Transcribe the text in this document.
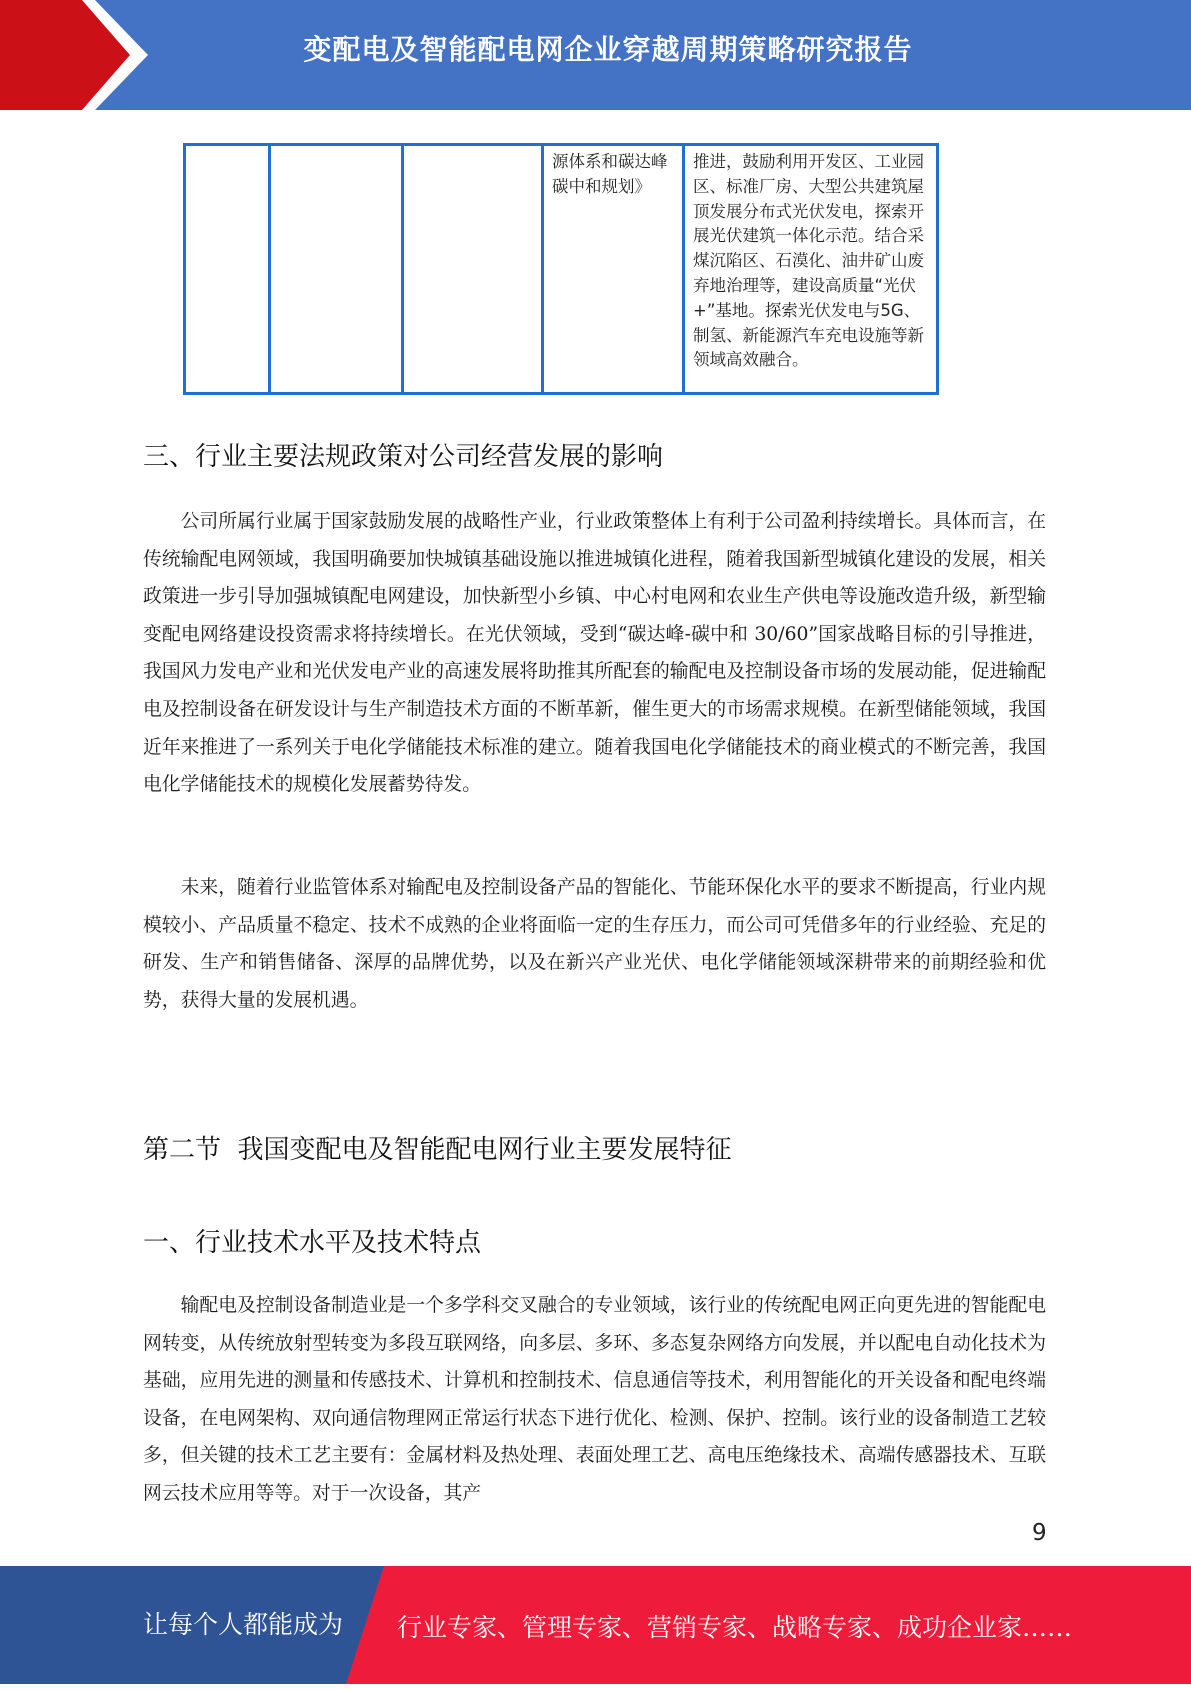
变配电及智能配电网企业穿越周期策略研究报告
			源体系和碳达峰碳中和规划》	推进，鼓励利用开发区、工业园区、标准厂房、大型公共建筑屋顶发展分布式光伏发电，探索开展光伏建筑一体化示范。结合采煤沉陷区、石漠化、油井矿山废弃地治理等，建设高质量“光伏+”基地。探索光伏发电与5G、制氢、新能源汽车充电设施等新领域高效融合。
三、行业主要法规政策对公司经营发展的影响

公司所属行业属于国家鼓励发展的战略性产业，行业政策整体上有利于公司盈利持续增长。具体而言，在传统输配电网领域，我国明确要加快城镇基础设施以推进城镇化进程，随着我国新型城镇化建设的发展，相关政策进一步引导加强城镇配电网建设，加快新型小乡镇、中心村电网和农业生产供电等设施改造升级，新型输变配电网络建设投资需求将持续增长。在光伏领域，受到“碳达峰-碳中和 30/60”国家战略目标的引导推进，我国风力发电产业和光伏发电产业的高速发展将助推其所配套的输配电及控制设备市场的发展动能，促进输配电及控制设备在研发设计与生产制造技术方面的不断革新，催生更大的市场需求规模。在新型储能领域，我国近年来推进了一系列关于电化学储能技术标准的建立。随着我国电化学储能技术的商业模式的不断完善，我国电化学储能技术的规模化发展蓄势待发。

未来，随着行业监管体系对输配电及控制设备产品的智能化、节能环保化水平的要求不断提高，行业内规模较小、产品质量不稳定、技术不成熟的企业将面临一定的生存压力，而公司可凭借多年的行业经验、充足的研发、生产和销售储备、深厚的品牌优势，以及在新兴产业光伏、电化学储能领域深耕带来的前期经验和优势，获得大量的发展机遇。

第二节  我国变配电及智能配电网行业主要发展特征
一、行业技术水平及技术特点

输配电及控制设备制造业是一个多学科交叉融合的专业领域，该行业的传统配电网正向更先进的智能配电网转变，从传统放射型转变为多段互联网络，向多层、多环、多态复杂网络方向发展，并以配电自动化技术为基础，应用先进的测量和传感技术、计算机和控制技术、信息通信等技术，利用智能化的开关设备和配电终端设备，在电网架构、双向通信物理网正常运行状态下进行优化、检测、保护、控制。该行业的设备制造工艺较多，但关键的技术工艺主要有：金属材料及热处理、表面处理工艺、高电压绝缘技术、高端传感器技术、互联网云技术应用等等。对于一次设备，其产

9
让每个人都能成为 行业专家、管理专家、营销专家、战略专家、成功企业家……
